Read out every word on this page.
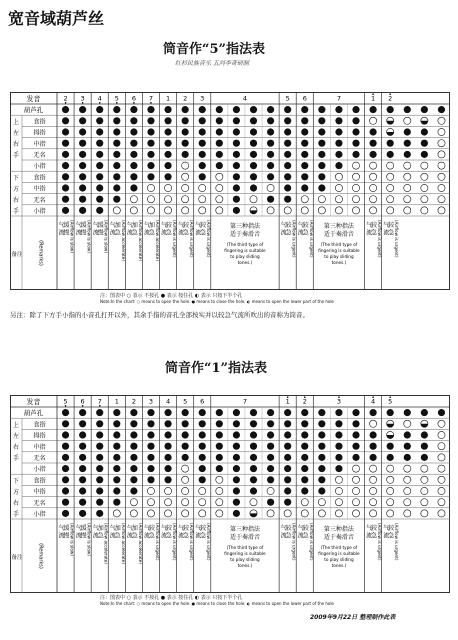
宽音域葫芦丝
筒音作“5”指法表
红杉民族音乐 五河李奇研制
发音
葫芦孔
食指
拇指
中指
无名
小指
食指
中指
无名
小指
上
左
右
手
下
方
右
手
备注	(Remarks)
2
气
流
缓
慢 (Airflow is slow)
3
气
流
缓
慢 (Airflow is slow)
4
气
流
缓
慢 (Airflow is slow)
5
气
流
加
急 (Airflow accelerate)
6
气
流
加
急 (Airflow accelerate)
7
气
流
加
急 (Airflow accelerate)
1
气
流
较
急 (Airflow is urgent)
2
气
流
较
急 (Airflow is urgent)
3
气
流
较
急 (Airflow is urgent)
4
第三种指法
适于奏滑音
(The third type of
fingering is suitable
to play sliding
tones.)
5
气
流
较
急 (Airflow is urgent)
6
气
流
较
急 (Airflow is urgent)
7
第三种指法
适于奏滑音
(The third type of
fingering is suitable
to play sliding
tones.)
1
气
流
较
急 (Airflow is urgent)
2
气
流
较
急 (Airflow is urgent)
注：图表中 ○ 表示 不按孔 ● 表示 按住孔 ◐ 表示 只按下半个孔
Note:In the chart: ○ means to open the hole. ● means to close the hole. ◐ means to open the lower part of the hole
另注：除了下方手小指的小音孔打开以外，其余手指的音孔全部按实并以较急气流所吹出的音称为筒音。
筒音作“1”指法表
发音
葫芦孔
食指
拇指
中指
无名
小指
食指
中指
无名
小指
上
左
右
手
下
方
右
手
备注	(Remarks)
5
气
流
缓
慢 (Airflow is slow)
6
气
流
缓
慢 (Airflow is slow)
7
气
流
加
急 (Airflow accelerate)
1
气
流
加
急 (Airflow accelerate)
2
气
流
加
急 (Airflow accelerate)
3
气
流
较
急 (Airflow is urgent)
4
气
流
较
急 (Airflow is urgent)
5
气
流
较
急 (Airflow is urgent)
6
气
流
较
急 (Airflow is urgent)
7
第三种指法
适于奏滑音
(The third type of
fingering is suitable
to play sliding
tones.)
1
气
流
较
急 (Airflow is urgent)
2
气
流
较
急 (Airflow is urgent)
3
第三种指法
适于奏滑音
(The third type of
fingering is suitable
to play sliding
tones.)
4
气
流
较
急 (Airflow is urgent)
5
气
流
较
急 (Airflow is urgent)
注：图表中 ○ 表示 不按孔 ● 表示 按住孔 ◐ 表示 只按下半个孔
Note:In the chart: ○ means to open the hole. ● means to close the hole. ◐ means to open the lower part of the hole
2009年9月22日 整理制作此表
